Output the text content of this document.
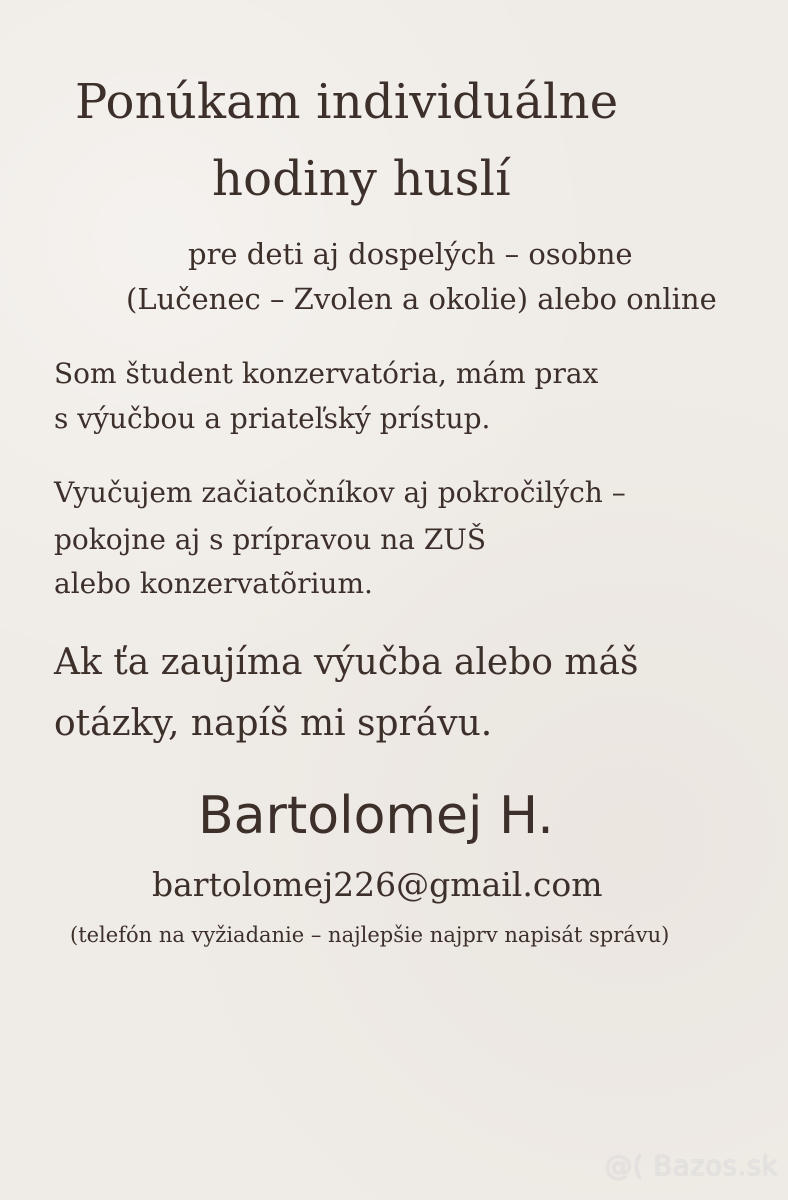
Ponúkam individuálne
hodiny huslí
pre deti aj dospelých – osobne
(Lučenec – Zvolen a okolie) alebo online
Som študent konzervatória, mám prax
s výučbou a priateľský prístup.
Vyučujem začiatočníkov aj pokročilých –
pokojne aj s prípravou na ZUŠ
alebo konzervatõrium.
Ak ťa zaujíma výučba alebo máš
otázky, napíš mi správu.
Bartolomej H.
bartolomej226@gmail.com
(telefón na vyžiadanie – najlepšie najprv napisát správu)
@( Bazos.sk
